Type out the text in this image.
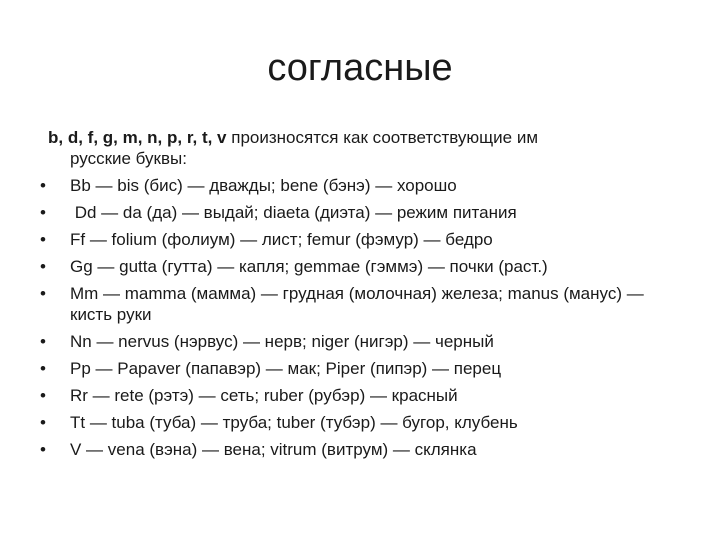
согласные

b, d, f, g, m, n, p, r, t, v произносятся как соответствующие им
русские буквы:

• Bb — bis (бис) — дважды; bene (бэнэ) — хорошо
• Dd — da (да) — выдай; diaeta (диэта) — режим питания
• Ff — folium (фолиум) — лист; femur (фэмур) — бедро
• Gg — gutta (гутта) — капля; gemmae (гэммэ) — почки (раст.)
• Mm — mamma (мамма) — грудная (молочная) железа; manus (манус) — кисть руки
• Nn — nervus (нэрвус) — нерв; niger (нигэр) — черный
• Pp — Papaver (папавэр) — мак; Piper (пипэр) — перец
• Rr — rete (рэтэ) — сеть; ruber (рубэр) — красный
• Tt — tuba (туба) — труба; tuber (тубэр) — бугор, клубень
• V — vena (вэна) — вена; vitrum (витрум) — склянка
